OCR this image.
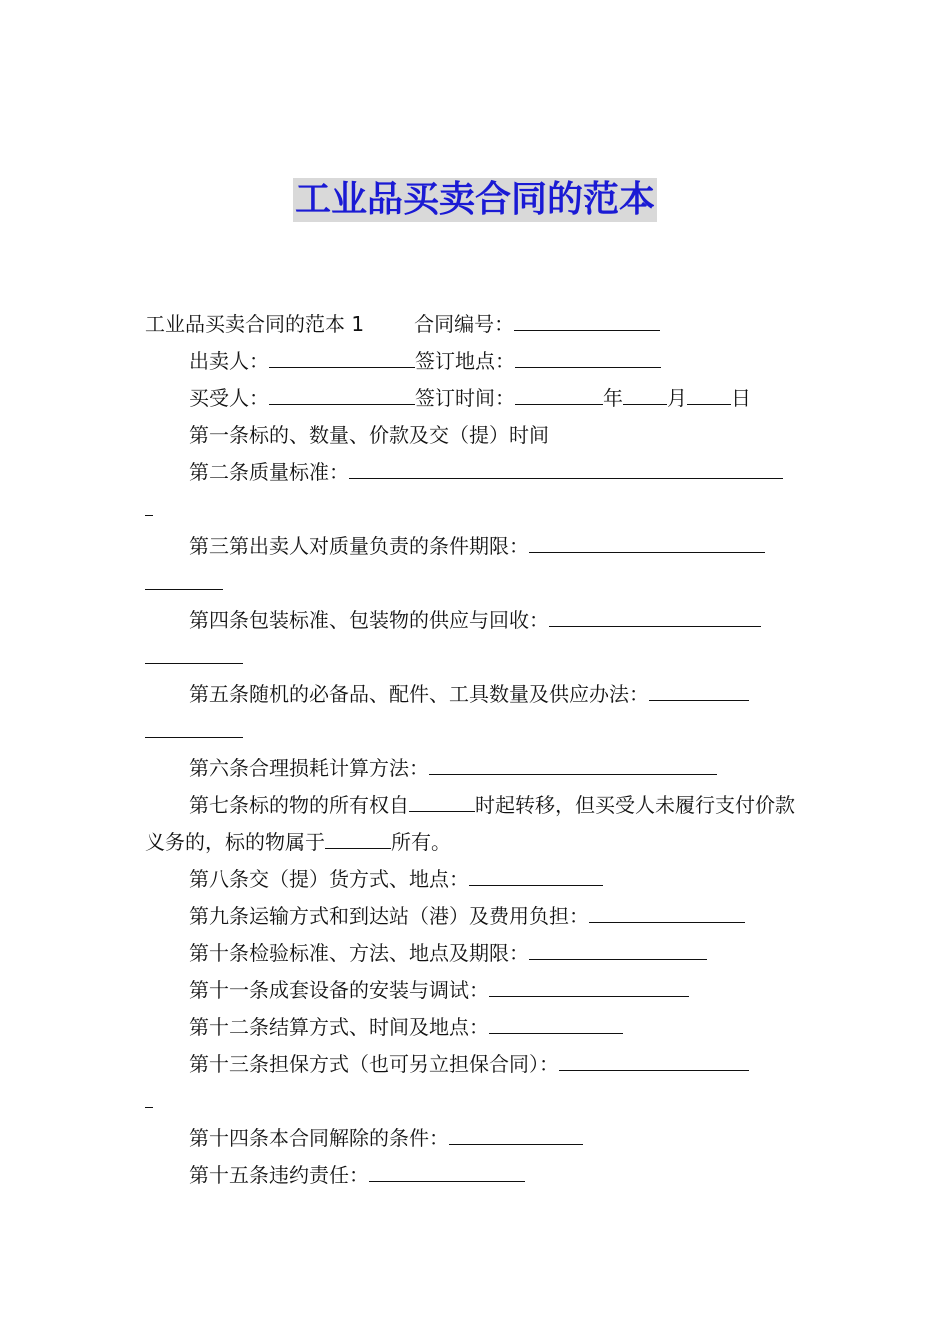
工业品买卖合同的范本
工业品买卖合同的范本 1	合同编号：
出卖人：	签订地点：
买受人：	签订时间：	年 月 日
第一条标的、数量、价款及交（提）时间
第二条质量标准：
第三第出卖人对质量负责的条件期限：
第四条包装标准、包装物的供应与回收：
第五条随机的必备品、配件、工具数量及供应办法：
第六条合理损耗计算方法：
第七条标的物的所有权自	时起转移，但买受人未履行支付价款义务的，标的物属于	所有。
第八条交（提）货方式、地点：
第九条运输方式和到达站（港）及费用负担：
第十条检验标准、方法、地点及期限：
第十一条成套设备的安装与调试：
第十二条结算方式、时间及地点：
第十三条担保方式（也可另立担保合同）：
第十四条本合同解除的条件：
第十五条违约责任：
